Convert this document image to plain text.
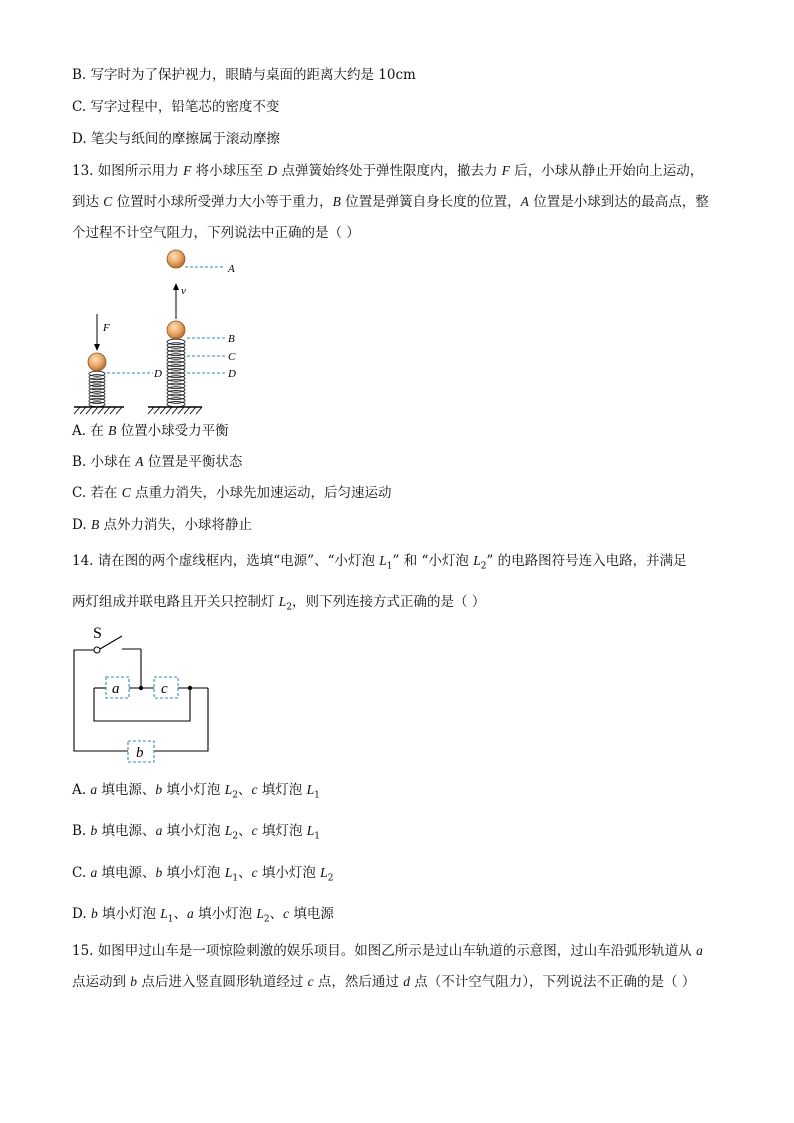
B. 写字时为了保护视力，眼睛与桌面的距离大约是 10cm
C. 写字过程中，铅笔芯的密度不变
D. 笔尖与纸间的摩擦属于滚动摩擦
13. 如图所示用力 F 将小球压至 D 点弹簧始终处于弹性限度内，撤去力 F 后，小球从静止开始向上运动，
到达 C 位置时小球所受弹力大小等于重力，B 位置是弹簧自身长度的位置，A 位置是小球到达的最高点，整
个过程不计空气阻力，下列说法中正确的是（ ）
A
v
F
D
B
C
D
A. 在 B 位置小球受力平衡
B. 小球在 A 位置是平衡状态
C. 若在 C 点重力消失，小球先加速运动，后匀速运动
D. B 点外力消失，小球将静止
14. 请在图的两个虚线框内，选填“电源”、“小灯泡 $L_1$” 和 “小灯泡 $L_2$” 的电路图符号连入电路，并满足
两灯组成并联电路且开关只控制灯 $L_2$，则下列连接方式正确的是（ ）
S
a	c
b
A. a 填电源、b 填小灯泡 $L_2$、c 填灯泡 $L_1$
B. b 填电源、a 填小灯泡 $L_2$、c 填灯泡 $L_1$
C. a 填电源、b 填小灯泡 $L_1$、c 填小灯泡 $L_2$
D. b 填小灯泡 $L_1$、a 填小灯泡 $L_2$、c 填电源
15. 如图甲过山车是一项惊险刺激的娱乐项目。如图乙所示是过山车轨道的示意图，过山车沿弧形轨道从 a
点运动到 b 点后进入竖直圆形轨道经过 c 点，然后通过 d 点（不计空气阻力），下列说法不正确的是（ ）
